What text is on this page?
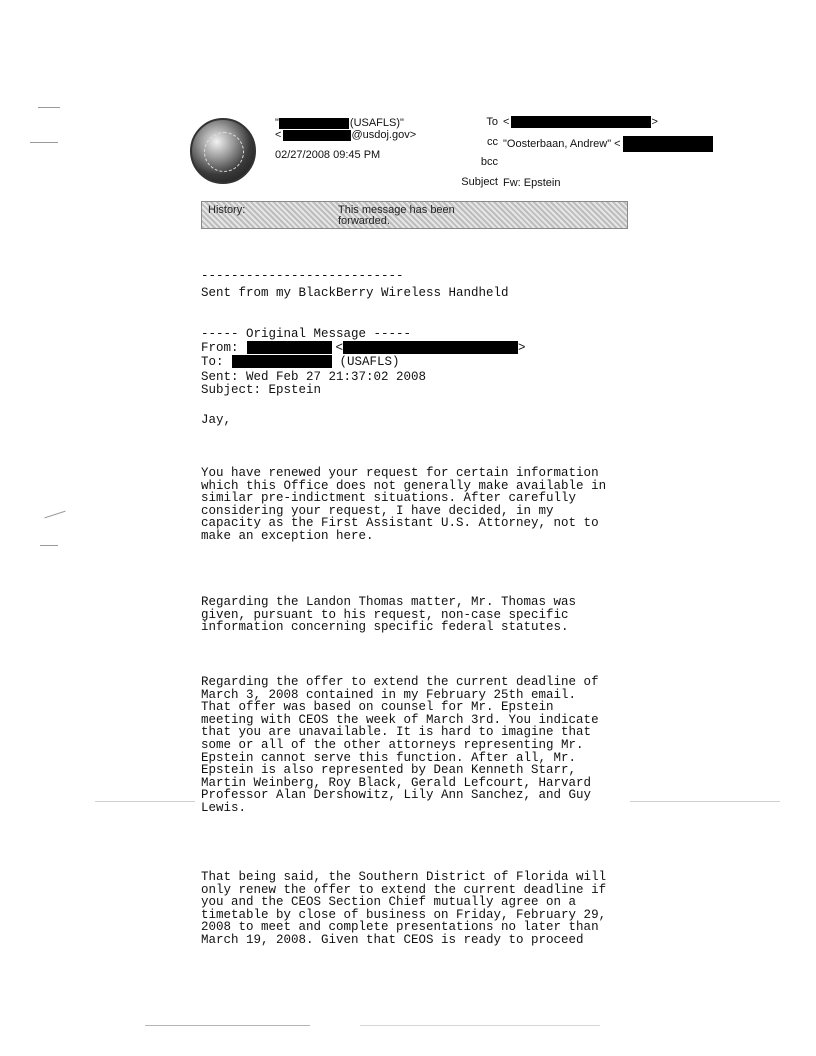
"	(USAFLS)"
<	@usdoj.gov>
02/27/2008 09:45 PM
To <	>
cc "Oosterbaan, Andrew" <
bcc
Subject Fw: Epstein
History:	This message has been
forwarded.
---------------------------
Sent from my BlackBerry Wireless Handheld
----- Original Message -----
From:	<	>
To:	(USAFLS)
Sent: Wed Feb 27 21:37:02 2008
Subject: Epstein
Jay,
You have renewed your request for certain information
which this Office does not generally make available in
similar pre-indictment situations. After carefully
considering your request, I have decided, in my
capacity as the First Assistant U.S. Attorney, not to
make an exception here.
Regarding the Landon Thomas matter, Mr. Thomas was
given, pursuant to his request, non-case specific
information concerning specific federal statutes.
Regarding the offer to extend the current deadline of
March 3, 2008 contained in my February 25th email.
That offer was based on counsel for Mr. Epstein
meeting with CEOS the week of March 3rd. You indicate
that you are unavailable. It is hard to imagine that
some or all of the other attorneys representing Mr.
Epstein cannot serve this function. After all, Mr.
Epstein is also represented by Dean Kenneth Starr,
Martin Weinberg, Roy Black, Gerald Lefcourt, Harvard
Professor Alan Dershowitz, Lily Ann Sanchez, and Guy
Lewis.
That being said, the Southern District of Florida will
only renew the offer to extend the current deadline if
you and the CEOS Section Chief mutually agree on a
timetable by close of business on Friday, February 29,
2008 to meet and complete presentations no later than
March 19, 2008. Given that CEOS is ready to proceed
